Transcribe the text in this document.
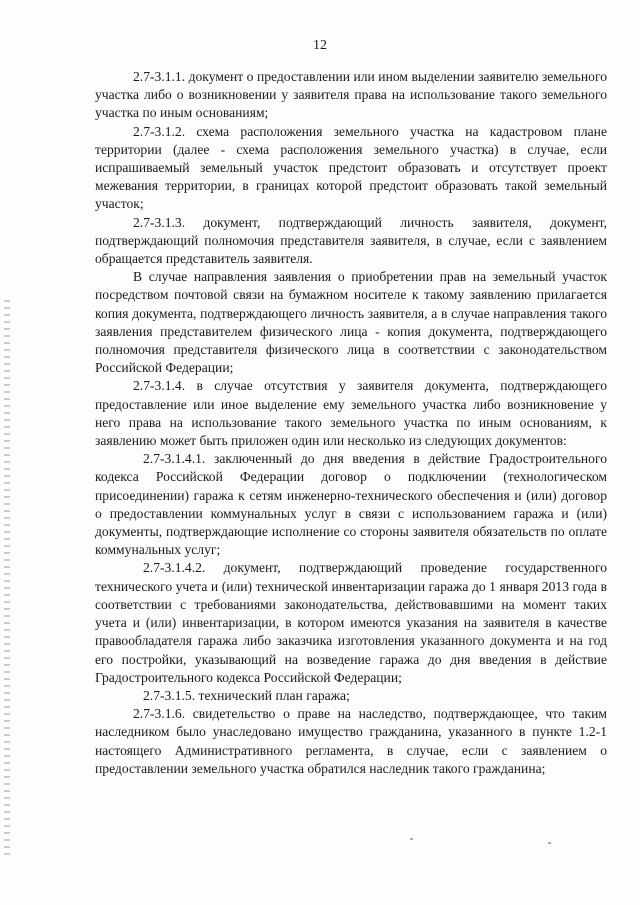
12

2.7-3.1.1. документ о предоставлении или ином выделении заявителю земельного участка либо о возникновении у заявителя права на использование такого земельного участка по иным основаниям;

2.7-3.1.2. схема расположения земельного участка на кадастровом плане территории (далее - схема расположения земельного участка) в случае, если испрашиваемый земельный участок предстоит образовать и отсутствует проект межевания территории, в границах которой предстоит образовать такой земельный участок;

2.7-3.1.3. документ, подтверждающий личность заявителя, документ, подтверждающий полномочия представителя заявителя, в случае, если с заявлением обращается представитель заявителя.

В случае направления заявления о приобретении прав на земельный участок посредством почтовой связи на бумажном носителе к такому заявлению прилагается копия документа, подтверждающего личность заявителя, а в случае направления такого заявления представителем физического лица - копия документа, подтверждающего полномочия представителя физического лица в соответствии с законодательством Российской Федерации;

2.7-3.1.4. в случае отсутствия у заявителя документа, подтверждающего предоставление или иное выделение ему земельного участка либо возникновение у него права на использование такого земельного участка по иным основаниям, к заявлению может быть приложен один или несколько из следующих документов:

2.7-3.1.4.1. заключенный до дня введения в действие Градостроительного кодекса Российской Федерации договор о подключении (технологическом присоединении) гаража к сетям инженерно-технического обеспечения и (или) договор о предоставлении коммунальных услуг в связи с использованием гаража и (или) документы, подтверждающие исполнение со стороны заявителя обязательств по оплате коммунальных услуг;

2.7-3.1.4.2. документ, подтверждающий проведение государственного технического учета и (или) технической инвентаризации гаража до 1 января 2013 года в соответствии с требованиями законодательства, действовавшими на момент таких учета и (или) инвентаризации, в котором имеются указания на заявителя в качестве правообладателя гаража либо заказчика изготовления указанного документа и на год его постройки, указывающий на возведение гаража до дня введения в действие Градостроительного кодекса Российской Федерации;

2.7-3.1.5. технический план гаража;

2.7-3.1.6. свидетельство о праве на наследство, подтверждающее, что таким наследником было унаследовано имущество гражданина, указанного в пункте 1.2-1 настоящего Административного регламента, в случае, если с заявлением о предоставлении земельного участка обратился наследник такого гражданина;
